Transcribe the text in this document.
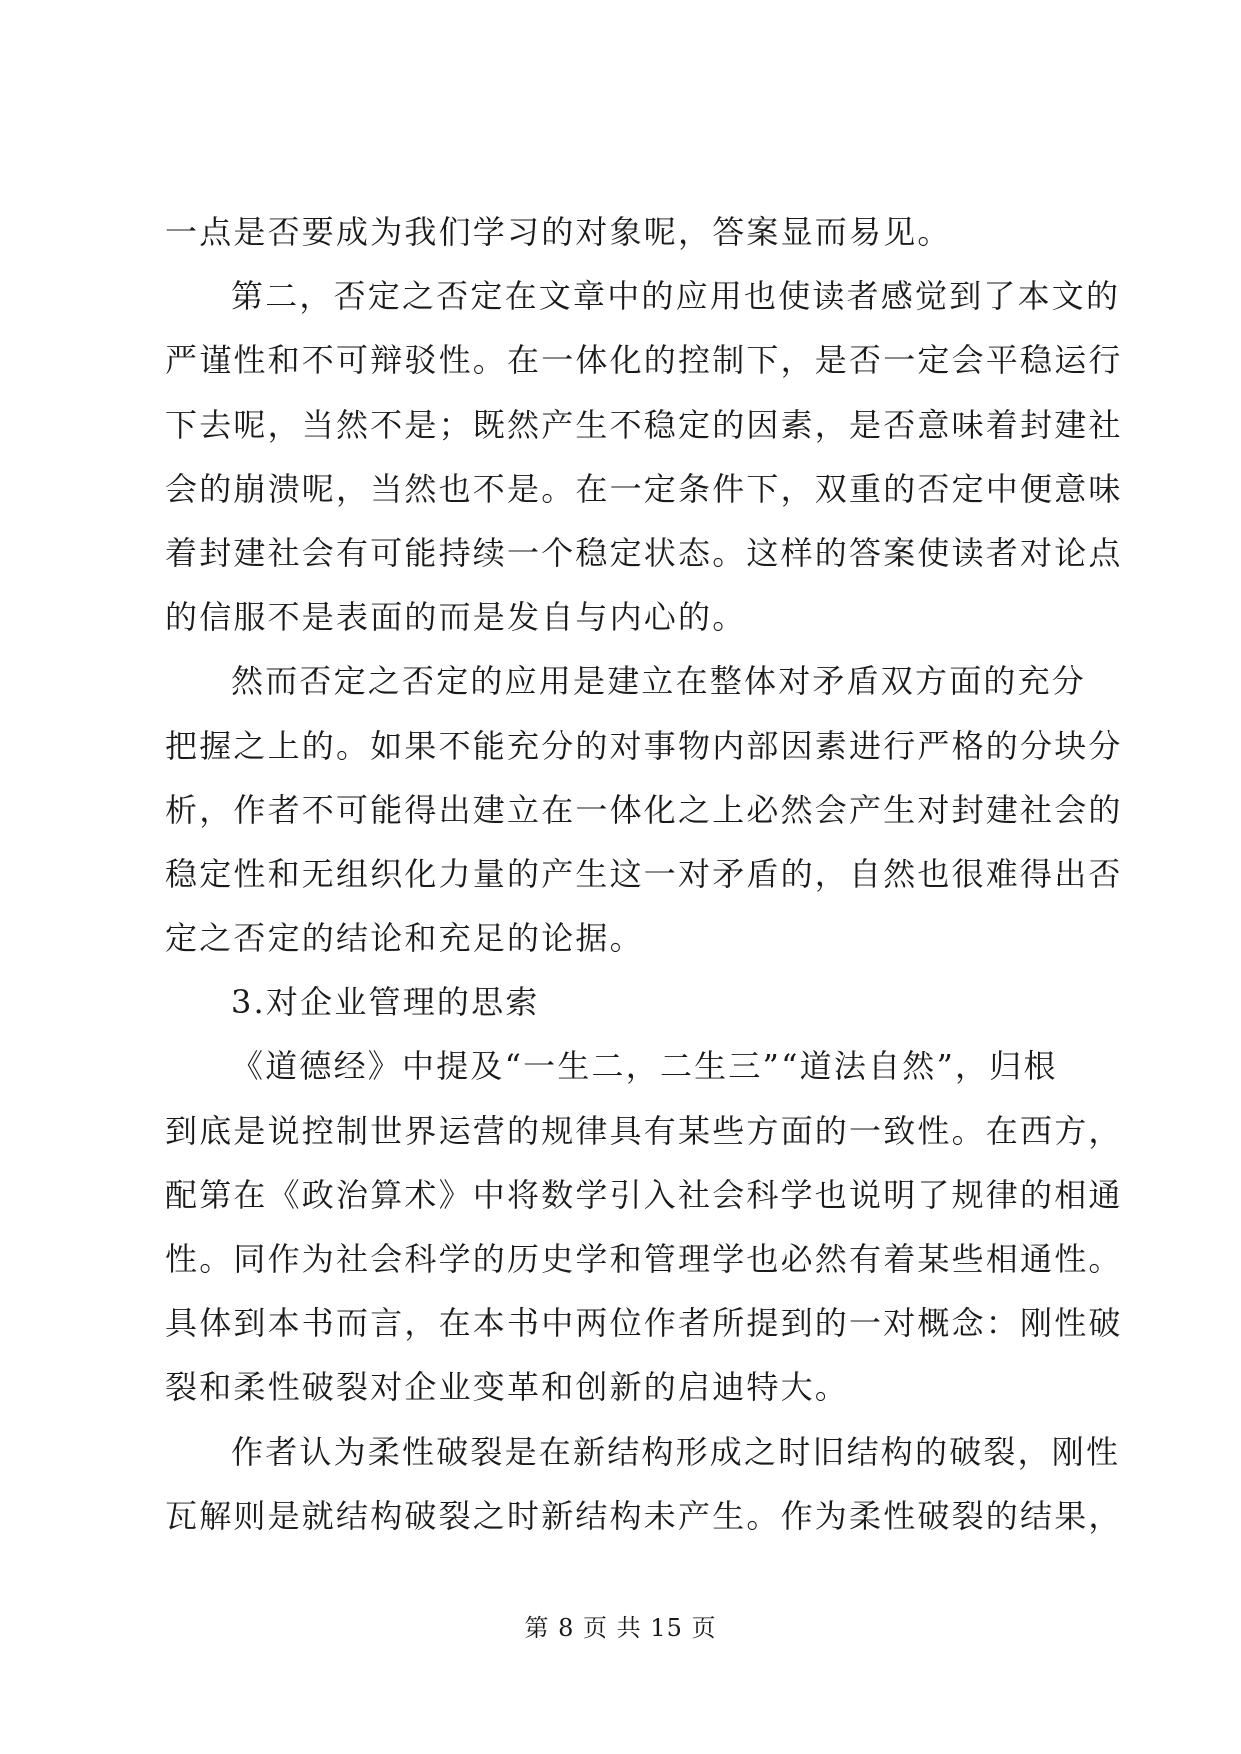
一点是否要成为我们学习的对象呢，答案显而易见。
第二，否定之否定在文章中的应用也使读者感觉到了本文的
严谨性和不可辩驳性。在一体化的控制下，是否一定会平稳运行
下去呢，当然不是；既然产生不稳定的因素，是否意味着封建社
会的崩溃呢，当然也不是。在一定条件下，双重的否定中便意味
着封建社会有可能持续一个稳定状态。这样的答案使读者对论点
的信服不是表面的而是发自与内心的。
然而否定之否定的应用是建立在整体对矛盾双方面的充分
把握之上的。如果不能充分的对事物内部因素进行严格的分块分
析，作者不可能得出建立在一体化之上必然会产生对封建社会的
稳定性和无组织化力量的产生这一对矛盾的，自然也很难得出否
定之否定的结论和充足的论据。
3.对企业管理的思索
《道德经》中提及“一生二，二生三”“道法自然”，归根
到底是说控制世界运营的规律具有某些方面的一致性。在西方，
配第在《政治算术》中将数学引入社会科学也说明了规律的相通
性。同作为社会科学的历史学和管理学也必然有着某些相通性。
具体到本书而言，在本书中两位作者所提到的一对概念：刚性破
裂和柔性破裂对企业变革和创新的启迪特大。
作者认为柔性破裂是在新结构形成之时旧结构的破裂，刚性
瓦解则是就结构破裂之时新结构未产生。作为柔性破裂的结果，
第 8 页 共 15 页
